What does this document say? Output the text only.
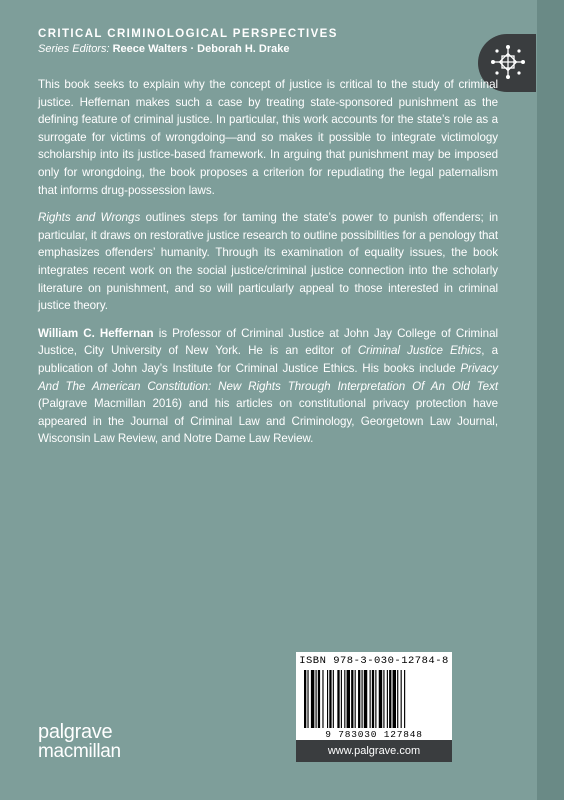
CRITICAL CRIMINOLOGICAL PERSPECTIVES
Series Editors: Reece Walters · Deborah H. Drake

This book seeks to explain why the concept of justice is critical to the study of criminal justice. Heffernan makes such a case by treating state-sponsored punishment as the defining feature of criminal justice. In particular, this work accounts for the state’s role as a surrogate for victims of wrongdoing—and so makes it possible to integrate victimology scholarship into its justice-based framework. In arguing that punishment may be imposed only for wrongdoing, the book proposes a criterion for repudiating the legal paternalism that informs drug-possession laws.

Rights and Wrongs outlines steps for taming the state’s power to punish offenders; in particular, it draws on restorative justice research to outline possibilities for a penology that emphasizes offenders’ humanity. Through its examination of equality issues, the book integrates recent work on the social justice/criminal justice connection into the scholarly literature on punishment, and so will particularly appeal to those interested in criminal justice theory.

William C. Heffernan is Professor of Criminal Justice at John Jay College of Criminal Justice, City University of New York. He is an editor of Criminal Justice Ethics, a publication of John Jay’s Institute for Criminal Justice Ethics. His books include Privacy And The American Constitution: New Rights Through Interpretation Of An Old Text (Palgrave Macmillan 2016) and his articles on constitutional privacy protection have appeared in the Journal of Criminal Law and Criminology, Georgetown Law Journal, Wisconsin Law Review, and Notre Dame Law Review.

ISBN 978-3-030-12784-8
9 783030 127848
www.palgrave.com
palgrave
macmillan
